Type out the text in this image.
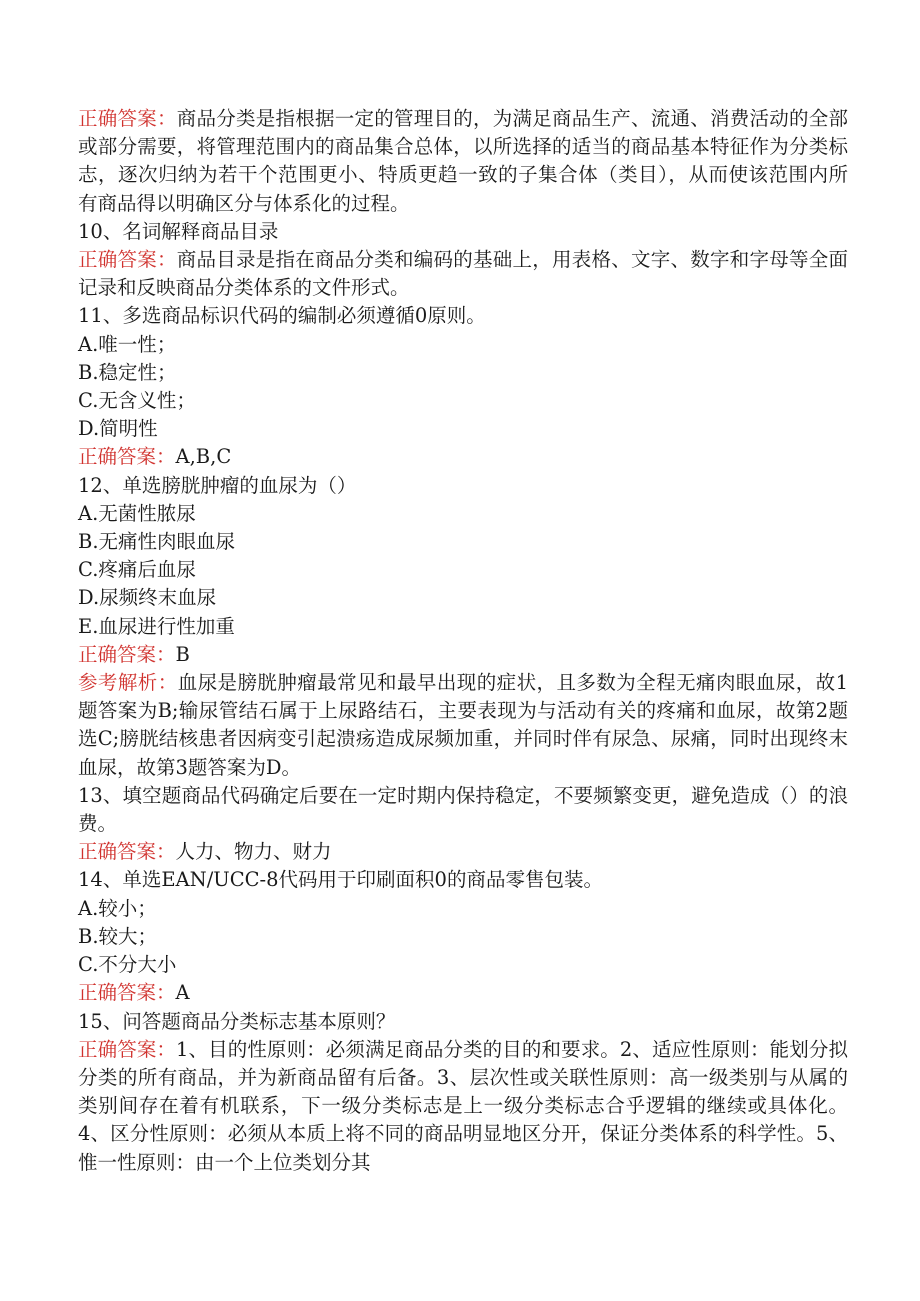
正确答案：商品分类是指根据一定的管理目的，为满足商品生产、流通、消费活动的全部或部分需要，将管理范围内的商品集合总体，以所选择的适当的商品基本特征作为分类标志，逐次归纳为若干个范围更小、特质更趋一致的子集合体（类目），从而使该范围内所有商品得以明确区分与体系化的过程。

10、名词解释商品目录

正确答案：商品目录是指在商品分类和编码的基础上，用表格、文字、数字和字母等全面记录和反映商品分类体系的文件形式。

11、多选商品标识代码的编制必须遵循0原则。
A.唯一性；
B.稳定性；
C.无含义性；
D.简明性

正确答案：A,B,C

12、单选膀胱肿瘤的血尿为（）
A.无菌性脓尿
B.无痛性肉眼血尿
C.疼痛后血尿
D.尿频终末血尿
E.血尿进行性加重

正确答案：B

参考解析：血尿是膀胱肿瘤最常见和最早出现的症状，且多数为全程无痛肉眼血尿，故1题答案为B;输尿管结石属于上尿路结石，主要表现为与活动有关的疼痛和血尿，故第2题选C;膀胱结核患者因病变引起溃疡造成尿频加重，并同时伴有尿急、尿痛，同时出现终末血尿，故第3题答案为D。

13、填空题商品代码确定后要在一定时期内保持稳定，不要频繁变更，避免造成（）的浪费。

正确答案：人力、物力、财力

14、单选EAN/UCC-8代码用于印刷面积0的商品零售包装。
A.较小；
B.较大；
C.不分大小

正确答案：A

15、问答题商品分类标志基本原则？

正确答案：1、目的性原则：必须满足商品分类的目的和要求。2、适应性原则：能划分拟分类的所有商品，并为新商品留有后备。3、层次性或关联性原则：高一级类别与从属的类别间存在着有机联系，下一级分类标志是上一级分类标志合乎逻辑的继续或具体化。4、区分性原则：必须从本质上将不同的商品明显地区分开，保证分类体系的科学性。5、惟一性原则：由一个上位类划分其
